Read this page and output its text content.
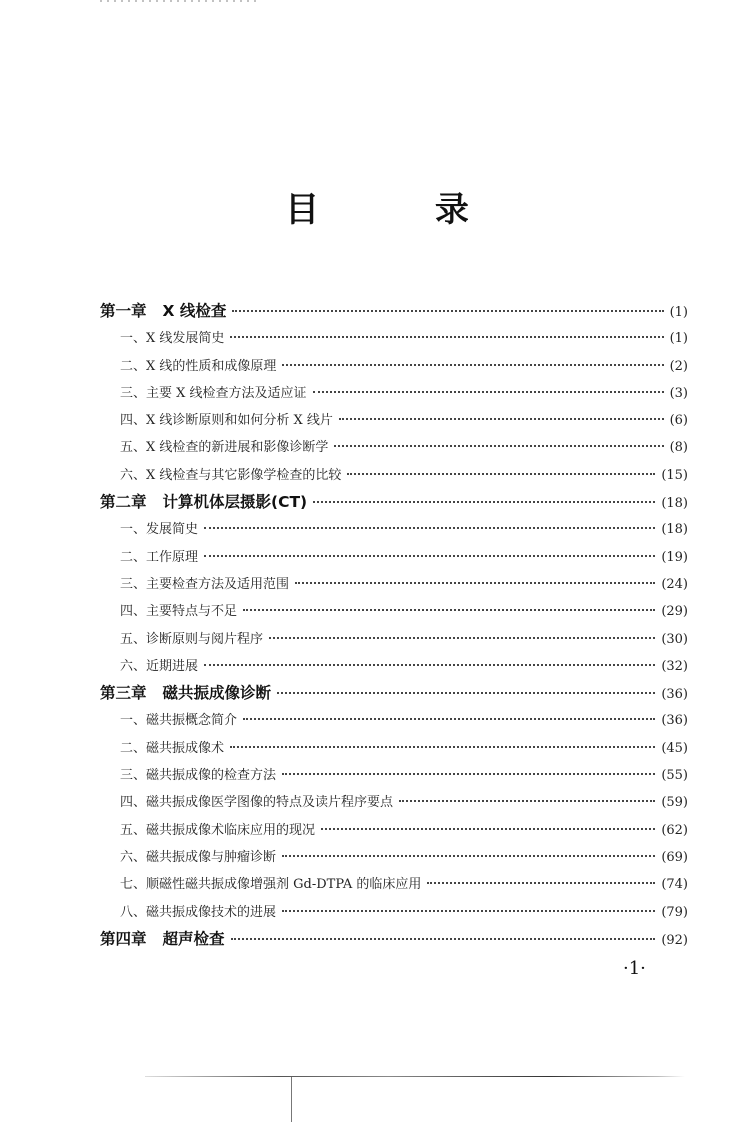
目 录
第一章 X 线检查	(1)
一、X 线发展简史	(1)
二、X 线的性质和成像原理	(2)
三、主要 X 线检查方法及适应证	(3)
四、X 线诊断原则和如何分析 X 线片	(6)
五、X 线检查的新进展和影像诊断学	(8)
六、X 线检查与其它影像学检查的比较	(15)
第二章 计算机体层摄影(CT)	(18)
一、发展简史	(18)
二、工作原理	(19)
三、主要检查方法及适用范围	(24)
四、主要特点与不足	(29)
五、诊断原则与阅片程序	(30)
六、近期进展	(32)
第三章 磁共振成像诊断	(36)
一、磁共振概念简介	(36)
二、磁共振成像术	(45)
三、磁共振成像的检查方法	(55)
四、磁共振成像医学图像的特点及读片程序要点	(59)
五、磁共振成像术临床应用的现况	(62)
六、磁共振成像与肿瘤诊断	(69)
七、顺磁性磁共振成像增强剂 Gd-DTPA 的临床应用	(74)
八、磁共振成像技术的进展	(79)
第四章 超声检查	(92)
·1·
